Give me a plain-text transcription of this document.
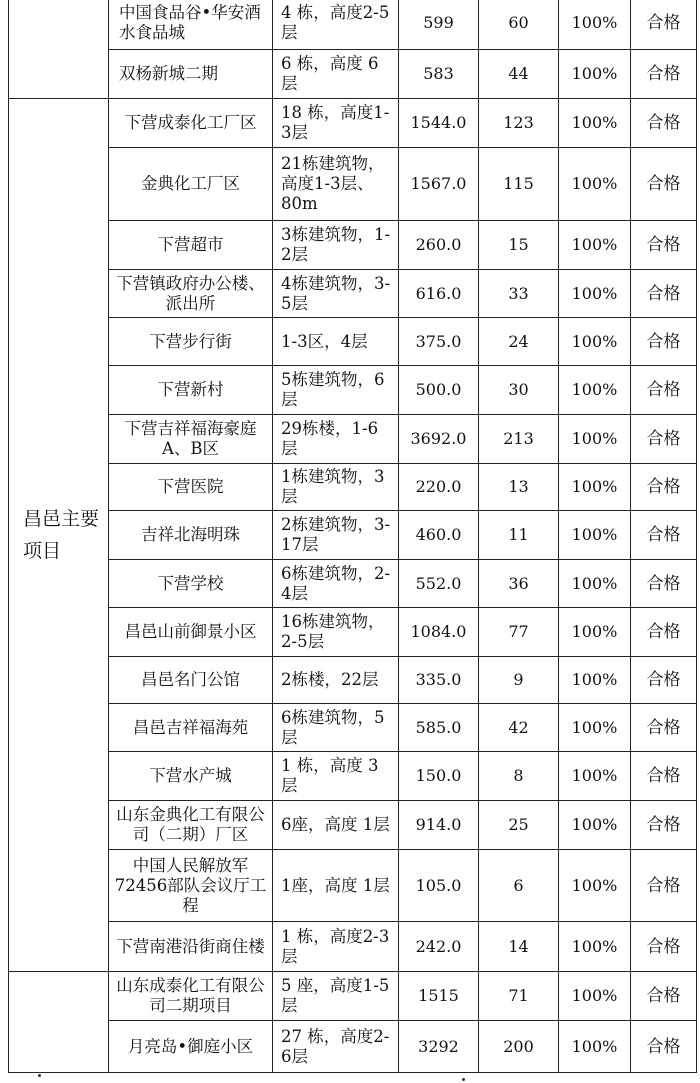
	中国食品谷•华安酒水食品城	4 栋，高度2-5层	599	60	100%	合格
	双杨新城二期	6 栋，高度 6层	583	44	100%	合格
昌邑主要项目	下营成泰化工厂区	18 栋，高度1-3层	1544.0	123	100%	合格
	金典化工厂区	21栋建筑物，高度1-3层、80m	1567.0	115	100%	合格
	下营超市	3栋建筑物，1-2层	260.0	15	100%	合格
	下营镇政府办公楼、派出所	4栋建筑物，3-5层	616.0	33	100%	合格
	下营步行街	1-3区，4层	375.0	24	100%	合格
	下营新村	5栋建筑物，6层	500.0	30	100%	合格
	下营吉祥福海豪庭A、B区	29栋楼，1-6层	3692.0	213	100%	合格
	下营医院	1栋建筑物，3层	220.0	13	100%	合格
	吉祥北海明珠	2栋建筑物，3-17层	460.0	11	100%	合格
	下营学校	6栋建筑物，2-4层	552.0	36	100%	合格
	昌邑山前御景小区	16栋建筑物，2-5层	1084.0	77	100%	合格
	昌邑名门公馆	2栋楼，22层	335.0	9	100%	合格
	昌邑吉祥福海苑	6栋建筑物，5层	585.0	42	100%	合格
	下营水产城	1 栋，高度 3层	150.0	8	100%	合格
	山东金典化工有限公司（二期）厂区	6座，高度 1层	914.0	25	100%	合格
	中国人民解放军72456部队会议厅工程	1座，高度 1层	105.0	6	100%	合格
	下营南港沿街商住楼	1 栋，高度2-3层	242.0	14	100%	合格
	山东成泰化工有限公司二期项目	5 座，高度1-5层	1515	71	100%	合格
	月亮岛•御庭小区	27 栋，高度2-6层	3292	200	100%	合格
